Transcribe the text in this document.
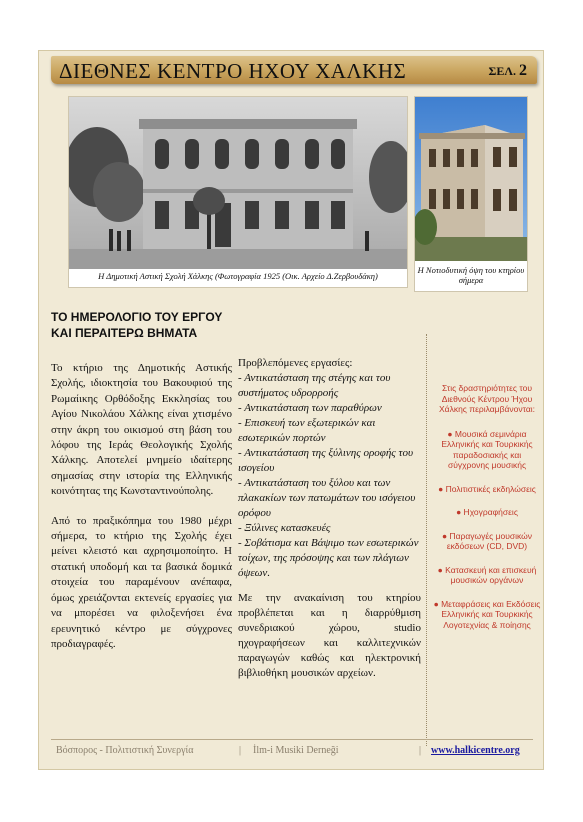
ΔΙΕΘΝΕΣ ΚΕΝΤΡΟ ΗΧΟΥ ΧΑΛΚΗΣ	ΣΕΛ. 2
Η Δημοτική Αστική Σχολή Χάλκης (Φωτογραφία 1925 (Οικ. Αρχείο Δ.Ζερβουδάκη)
Η Νοτιοδυτική όψη του κτηρίου σήμερα
ΤΟ ΗΜΕΡΟΛΟΓΙΟ ΤΟΥ ΕΡΓΟΥ
ΚΑΙ ΠΕΡΑΙΤΕΡΩ ΒΗΜΑΤΑ

Το κτήριο της Δημοτικής Αστικής Σχολής, ιδιοκτησία του Βακουφιού της Ρωμαίικης Ορθόδοξης Εκκλησίας του Αγίου Νικολάου Χάλκης είναι χτισμένο στην άκρη του οικισμού στη βάση του λόφου της Ιεράς Θεολογικής Σχολής Χάλκης. Αποτελεί μνημείο ιδαίτερης σημασίας στην ιστορία της Ελληνικής κοινότητας της Κωνσταντινούπολης.

Από το πραξικόπημα του 1980 μέχρι σήμερα, το κτήριο της Σχολής έχει μείνει κλειστό και αχρησιμοποίητο. Η στατική υποδομή και τα βασικά δομικά στοιχεία του παραμένουν ανέπαφα, όμως χρειάζονται εκτενείς εργασίες για να μπορέσει να φιλοξενήσει ένα ερευνητικό κέντρο με σύγχρονες προδιαγραφές.

Προβλεπόμενες εργασίες:

- Αντικατάσταση της στέγης και του συστήματος υδρορροής

- Αντικατάσταση των παραθύρων

- Επισκευή των εξωτερικών και εσωτερικών πορτών

- Αντικατάσταση της ξύλινης οροφής του ισογείου

- Αντικατάσταση του ξύλου και των πλακακίων των πατωμάτων του ισόγειου ορόφου

- Ξύλινες κατασκευές

- Σοβάτισμα και Βάψιμο των εσωτερικών τοίχων, της πρόσοψης και των πλάγιων όψεων.

Με την ανακαίνιση του κτηρίου προβλέπεται και η διαρρύθμιση συνεδριακού χώρου, studio ηχογραφήσεων και καλλιτεχνικών παραγωγών καθώς και ηλεκτρονική βιβλιοθήκη μουσικών αρχείων.

Στις δραστηριότητες του Διεθνούς Κέντρου Ήχου Χάλκης περιλαμβάνονται:
● Μουσικά σεμινάρια Ελληνικής και Τουρκικής παραδοσιακής και σύγχρονης μουσικής
● Πολιτιστικές εκδηλώσεις
● Ηχογραφήσεις
● Παραγωγές μουσικών εκδόσεων (CD, DVD)
● Κατασκευή και επισκευή μουσικών οργάνων
● Μεταφράσεις και Εκδόσεις Ελληνικής και Τουρκικής Λογοτεχνίας & ποίησης
Βόσπορος - Πολιτιστική Συνεργία	| İlm-i Musiki Derneği	| www.halkicentre.org
